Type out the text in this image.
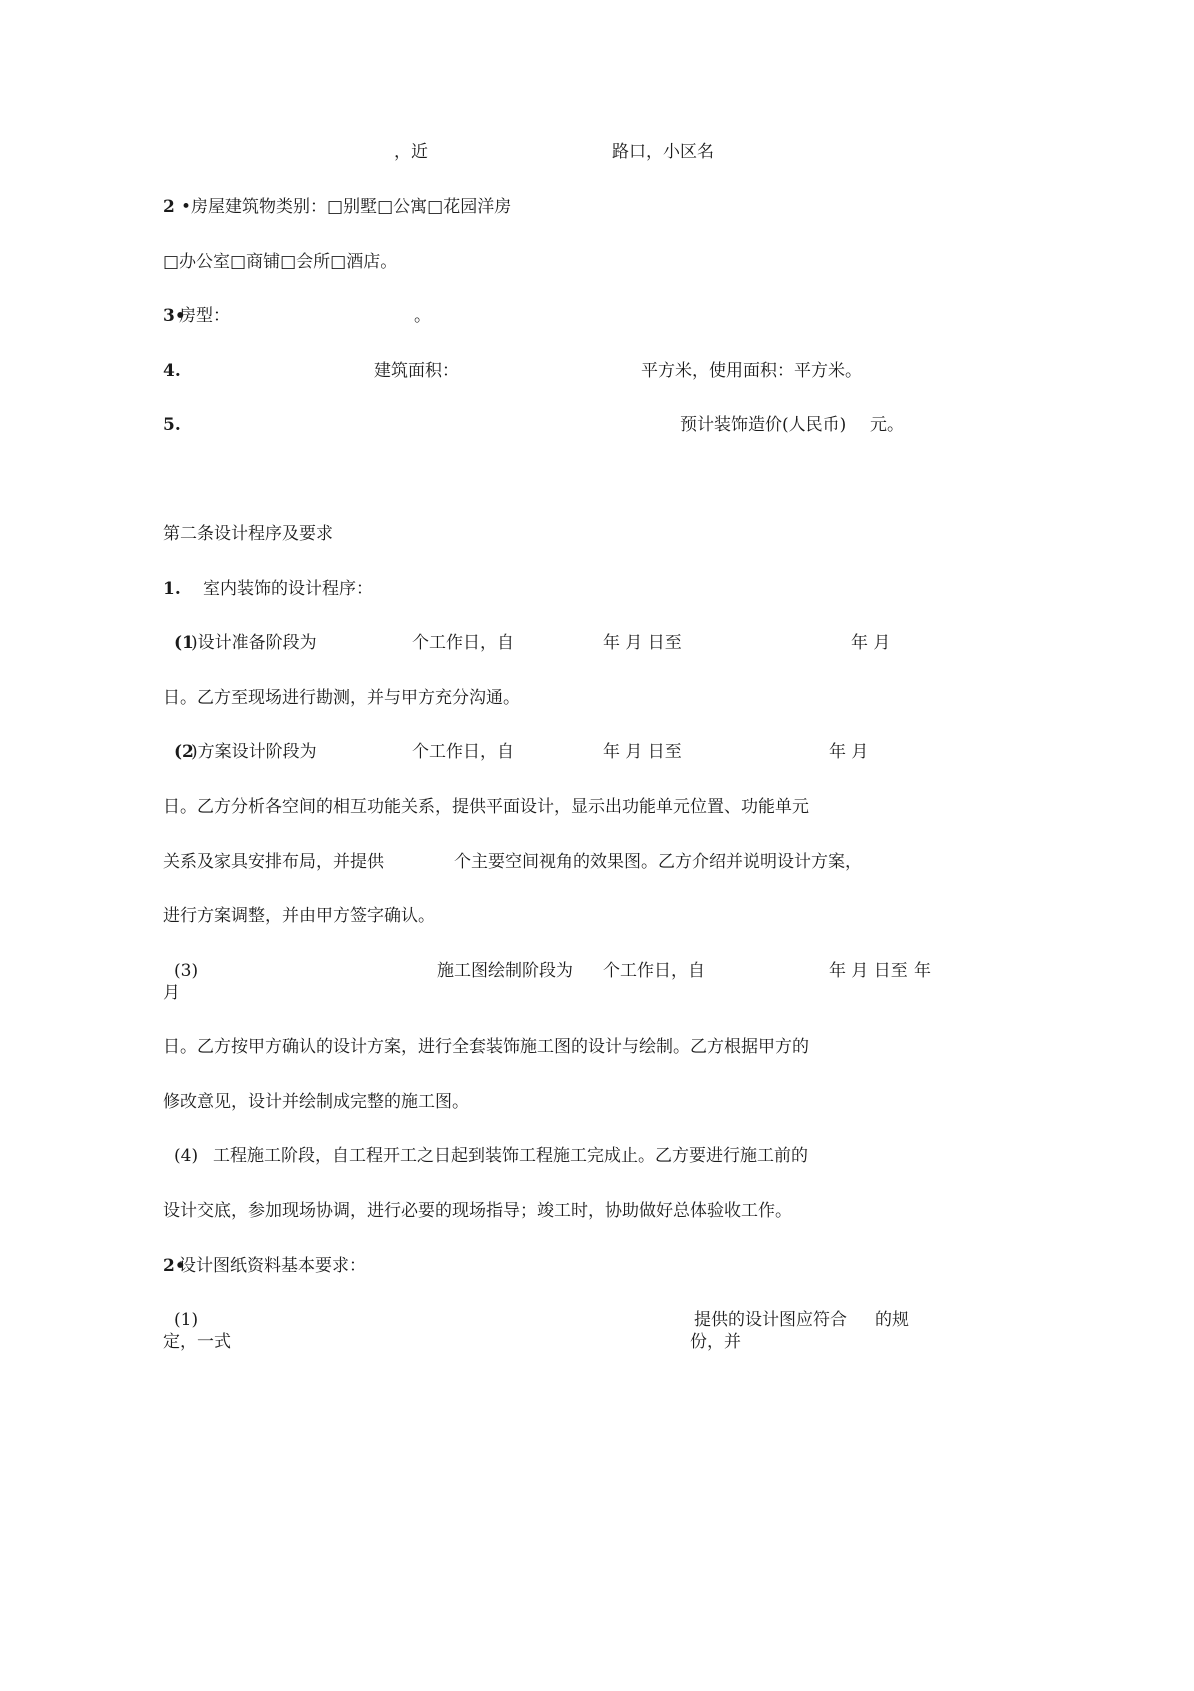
，近	路口，小区名
2 •房屋建筑物类别：□别墅□公寓□花园洋房
□办公室□商铺□会所□酒店。
3•
房型：	。
4.	建筑面积：	平方米，使用面积：平方米。
5.	预计装饰造价(人民币) 元。
第二条设计程序及要求
1. 室内装饰的设计程序：
(1
)设计准备阶段为	个工作日，自	年 月 日至	年 月
日。乙方至现场进行勘测，并与甲方充分沟通。
(2
)方案设计阶段为	个工作日，自	年 月 日至	年 月
日。乙方分析各空间的相互功能关系，提供平面设计，显示出功能单元位置、功能单元
关系及家具安排布局，并提供	个主要空间视角的效果图。乙方介绍并说明设计方案，
进行方案调整，并由甲方签字确认。
(3)	施工图绘制阶段为 个工作日，自	年 月 日至 年
月
日。乙方按甲方确认的设计方案，进行全套装饰施工图的设计与绘制。乙方根据甲方的
修改意见，设计并绘制成完整的施工图。
(4) 工程施工阶段，自工程开工之日起到装饰工程施工完成止。乙方要进行施工前的
设计交底，参加现场协调，进行必要的现场指导；竣工时，协助做好总体验收工作。
2•
设计图纸资料基本要求：
(1)	提供的设计图应符合 的规
定，一式	份，并
